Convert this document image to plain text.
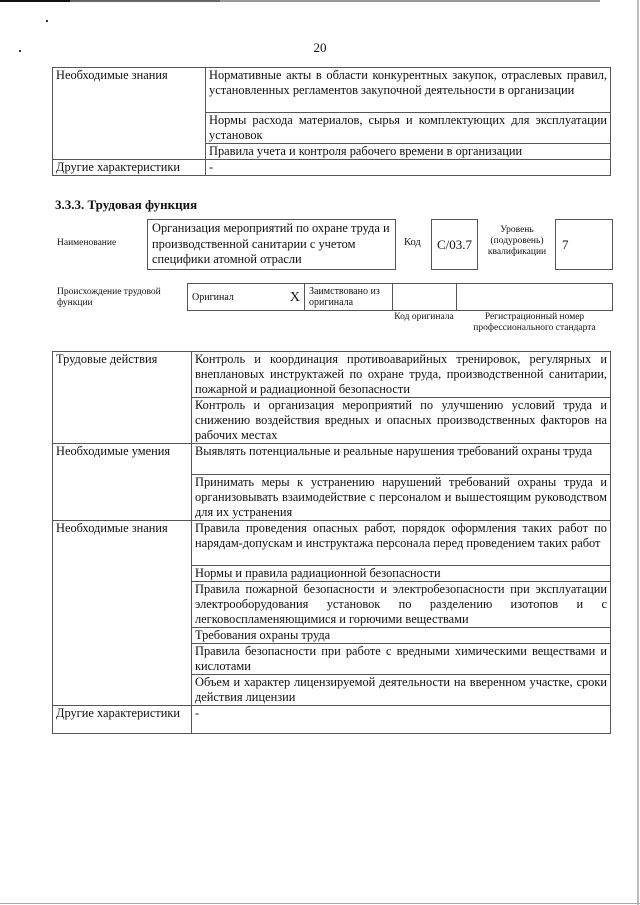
20
Необходимые знания	Нормативные акты в области конкурентных закупок, отраслевых правил, установленных регламентов закупочной деятельности в организации
	Нормы расхода материалов, сырья и комплектующих для эксплуатации установок
	Правила учета и контроля рабочего времени в организации
Другие характеристики	-
3.3.3. Трудовая функция
Наименование
Организация мероприятий по охране труда и производственной санитарии с учетом специфики атомной отрасли
Код	C/03.7
Уровень (подуровень) квалификации
7
Происхождение трудовой функции
Оригинал	X	Заимствовано из оригинала		
Код оригинала	Регистрационный номер профессионального стандарта
Трудовые действия	Контроль и координация противоаварийных тренировок, регулярных и внеплановых инструктажей по охране труда, производственной санитарии, пожарной и радиационной безопасности
	Контроль и организация мероприятий по улучшению условий труда и снижению воздействия вредных и опасных производственных факторов на рабочих местах
Необходимые умения	Выявлять потенциальные и реальные нарушения требований охраны труда
	Принимать меры к устранению нарушений требований охраны труда и организовывать взаимодействие с персоналом и вышестоящим руководством для их устранения
Необходимые знания	Правила проведения опасных работ, порядок оформления таких работ по нарядам-допускам и инструктажа персонала перед проведением таких работ
	Нормы и правила радиационной безопасности
	Правила пожарной безопасности и электробезопасности при эксплуатации электрооборудования установок по разделению изотопов и с легковоспламеняющимися и горючими веществами
	Требования охраны труда
	Правила безопасности при работе с вредными химическими веществами и кислотами
	Объем и характер лицензируемой деятельности на вверенном участке, сроки действия лицензии
Другие характеристики	-
